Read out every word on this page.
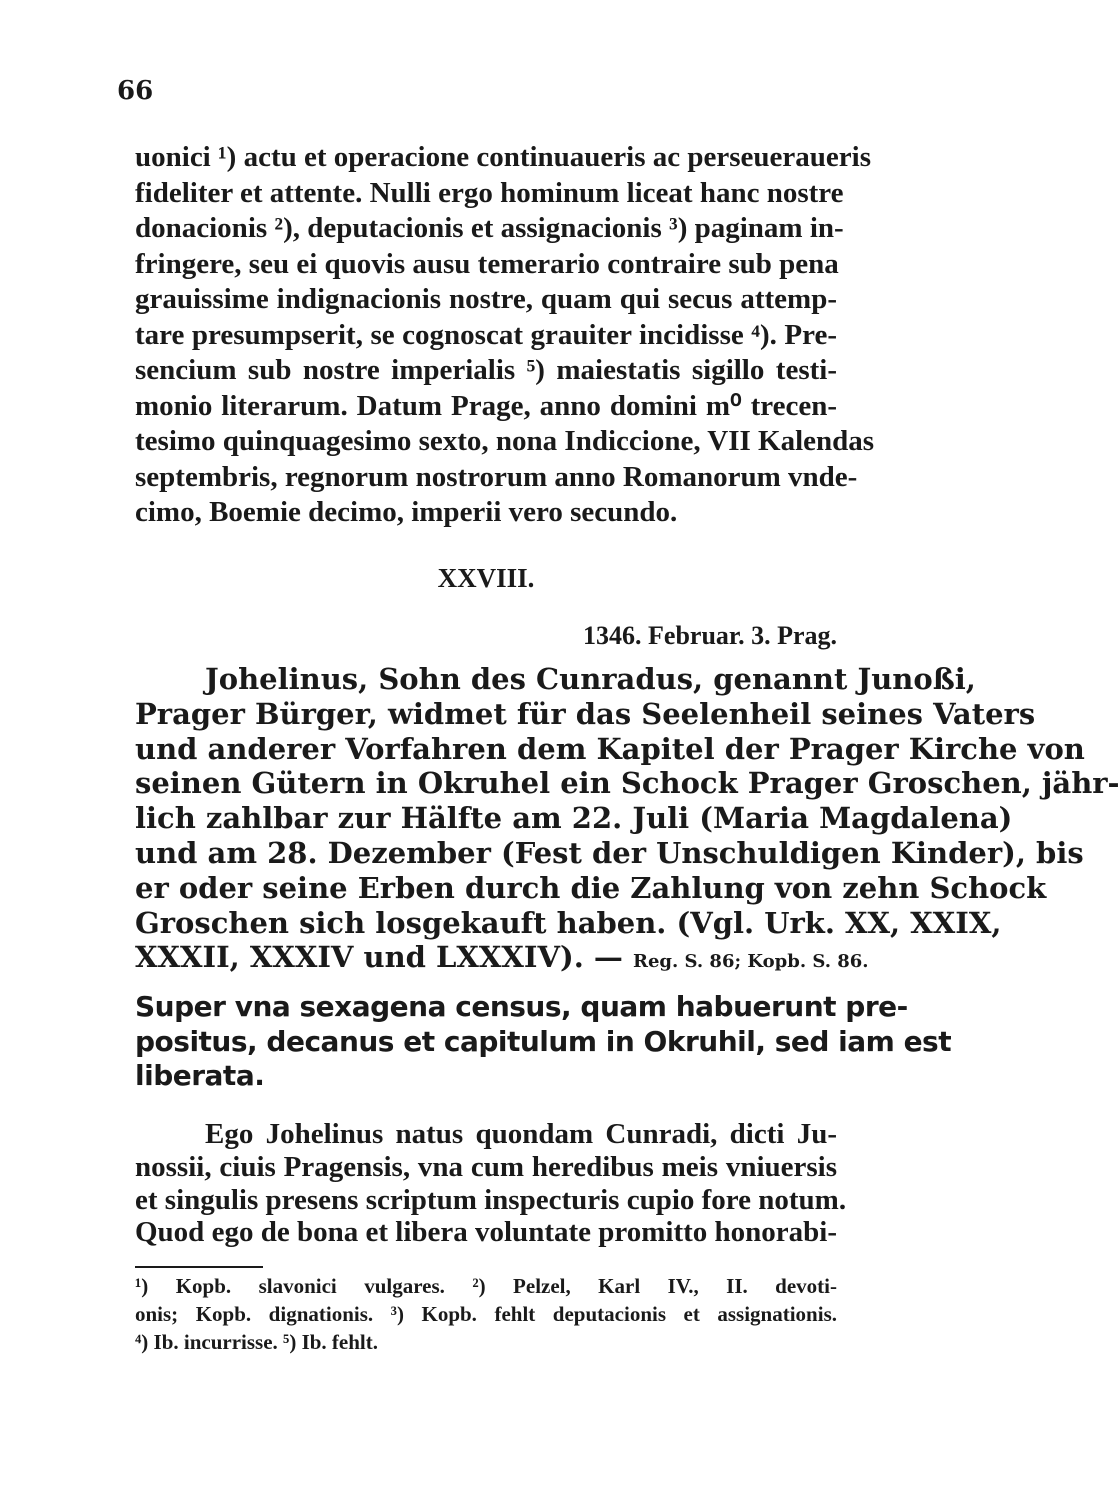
66
uonici ¹) actu et operacione continuaueris ac perseueraueris
fideliter et attente. Nulli ergo hominum liceat hanc nostre
donacionis ²), deputacionis et assignacionis ³) paginam in-
fringere, seu ei quovis ausu temerario contraire sub pena
grauissime indignacionis nostre, quam qui secus attemp-
tare presumpserit, se cognoscat grauiter incidisse ⁴). Pre-
sencium sub nostre imperialis ⁵) maiestatis sigillo testi-
monio literarum. Datum Prage, anno domini m⁰ trecen-
tesimo quinquagesimo sexto, nona Indiccione, VII Kalendas
septembris, regnorum nostrorum anno Romanorum vnde-
cimo, Boemie decimo, imperii vero secundo.
XXVIII.
1346. Februar. 3. Prag.
Johelinus, Sohn des Cunradus, genannt Junoßi,
Prager Bürger, widmet für das Seelenheil seines Vaters
und anderer Vorfahren dem Kapitel der Prager Kirche von
seinen Gütern in Okruhel ein Schock Prager Groschen, jähr-
lich zahlbar zur Hälfte am 22. Juli (Maria Magdalena)
und am 28. Dezember (Fest der Unschuldigen Kinder), bis
er oder seine Erben durch die Zahlung von zehn Schock
Groschen sich losgekauft haben. (Vgl. Urk. XX, XXIX,
XXXII, XXXIV und LXXXIV). — Reg. S. 86; Kopb. S. 86.
Super vna sexagena census, quam habuerunt pre-
positus, decanus et capitulum in Okruhil, sed iam est
liberata.
Ego Johelinus natus quondam Cunradi, dicti Ju-
nossii, ciuis Pragensis, vna cum heredibus meis vniuersis
et singulis presens scriptum inspecturis cupio fore notum.
Quod ego de bona et libera voluntate promitto honorabi-
¹) Kopb. slavonici vulgares. ²) Pelzel, Karl IV., II. devoti-
onis; Kopb. dignationis. ³) Kopb. fehlt deputacionis et assignationis.
⁴) Ib. incurrisse. ⁵) Ib. fehlt.
